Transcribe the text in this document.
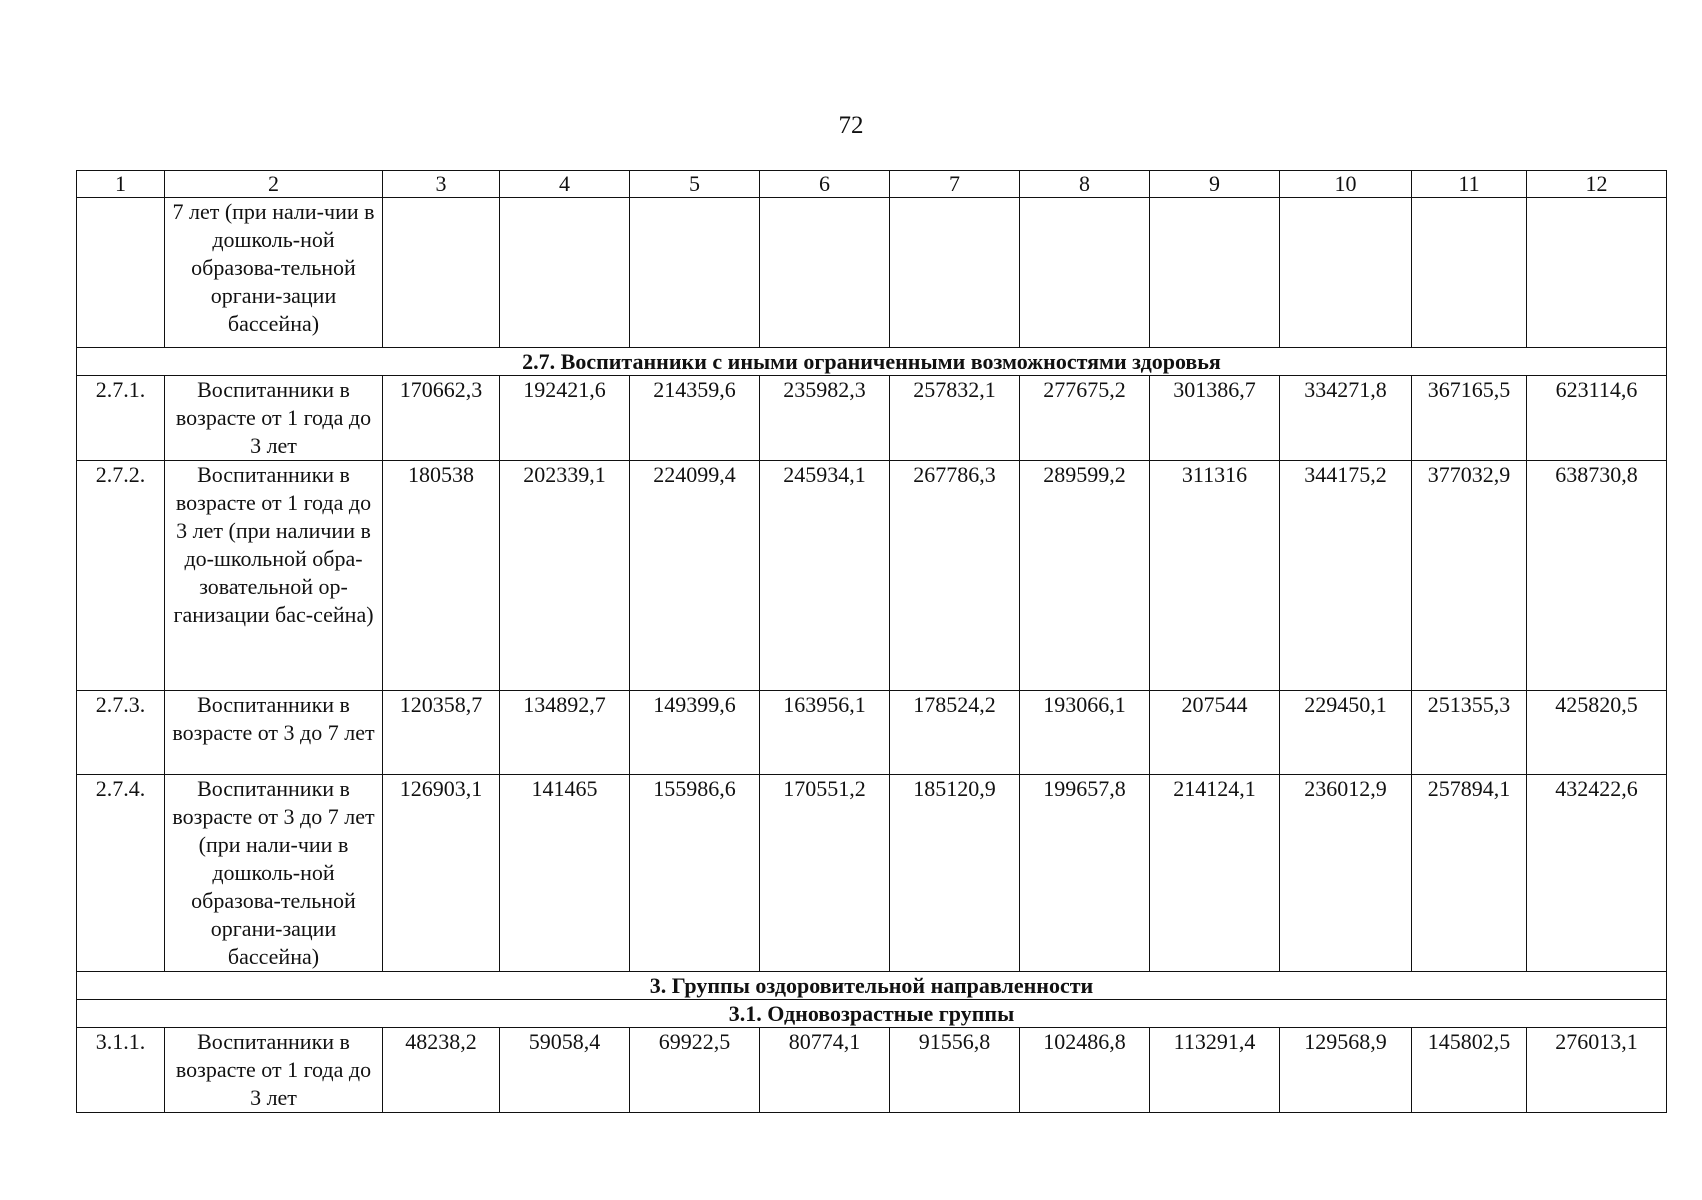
72
1	2	3	4	5	6	7	8	9	10	11	12
	7 лет (при нали-чии в дошколь-ной образова-тельной органи-зации бассейна)										
2.7. Воспитанники с иными ограниченными возможностями здоровья											
2.7.1.	Воспитанники в возрасте от 1 года до 3 лет	170662,3	192421,6	214359,6	235982,3	257832,1	277675,2	301386,7	334271,8	367165,5	623114,6
2.7.2.	Воспитанники в возрасте от 1 года до 3 лет (при наличии в до-школьной обра-зовательной ор-ганизации бас-сейна)	180538	202339,1	224099,4	245934,1	267786,3	289599,2	311316	344175,2	377032,9	638730,8
2.7.3.	Воспитанники в возрасте от 3 до 7 лет	120358,7	134892,7	149399,6	163956,1	178524,2	193066,1	207544	229450,1	251355,3	425820,5
2.7.4.	Воспитанники в возрасте от 3 до 7 лет (при нали-чии в дошколь-ной образова-тельной органи-зации бассейна)	126903,1	141465	155986,6	170551,2	185120,9	199657,8	214124,1	236012,9	257894,1	432422,6
3. Группы оздоровительной направленности											
3.1. Одновозрастные группы											
3.1.1.	Воспитанники в возрасте от 1 года до 3 лет	48238,2	59058,4	69922,5	80774,1	91556,8	102486,8	113291,4	129568,9	145802,5	276013,1
